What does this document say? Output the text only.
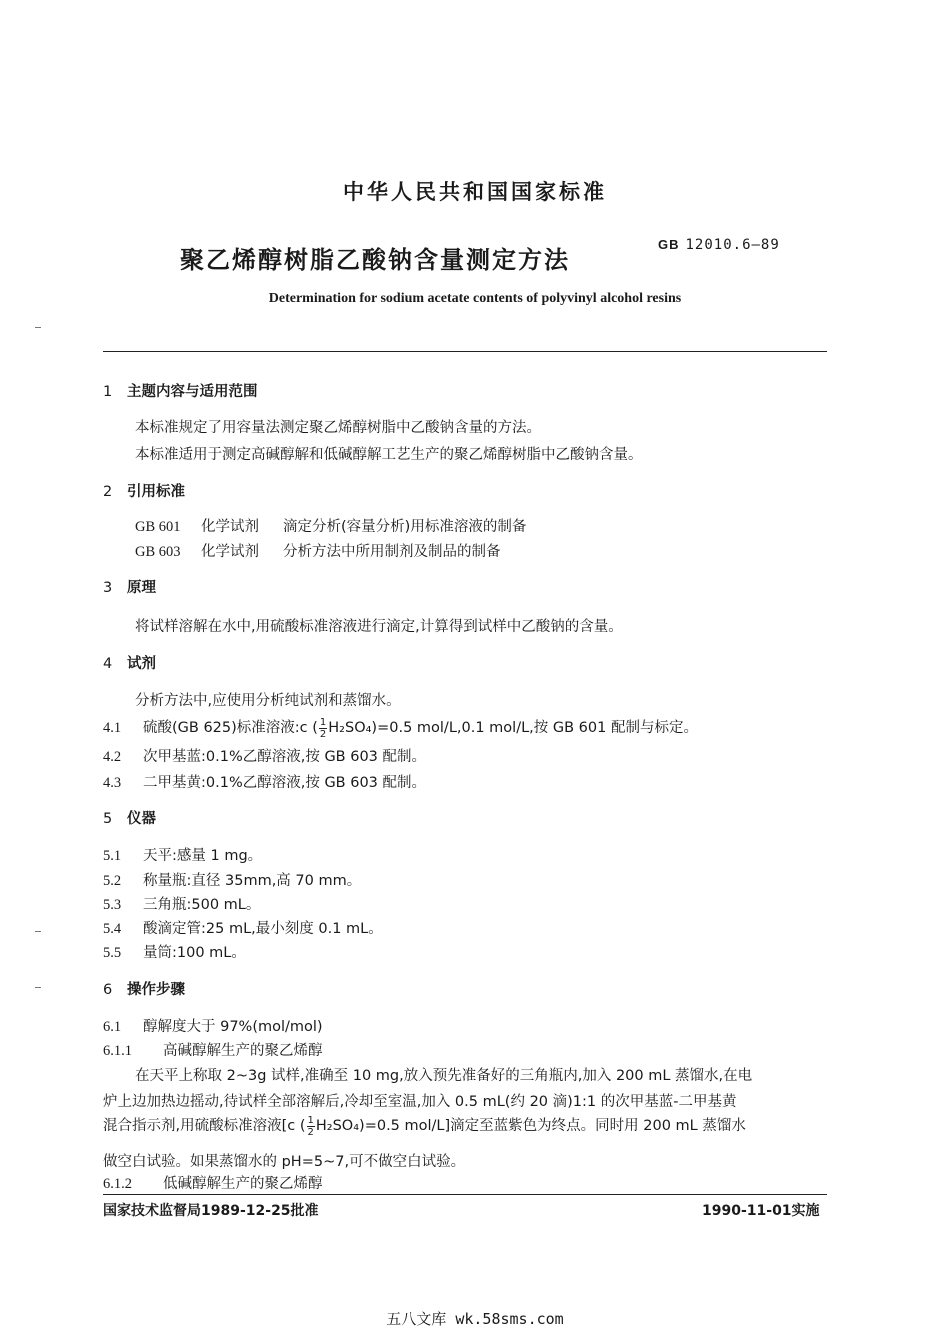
中华人民共和国国家标准
聚乙烯醇树脂乙酸钠含量测定方法
GB 12010.6—89
Determination for sodium acetate contents of polyvinyl alcohol resins
1 主题内容与适用范围
本标准规定了用容量法测定聚乙烯醇树脂中乙酸钠含量的方法。
本标准适用于测定高碱醇解和低碱醇解工艺生产的聚乙烯醇树脂中乙酸钠含量。
2 引用标准
GB 601 化学试剂 滴定分析(容量分析)用标准溶液的制备
GB 603 化学试剂 分析方法中所用制剂及制品的制备
3 原理
将试样溶解在水中,用硫酸标准溶液进行滴定,计算得到试样中乙酸钠的含量。
4 试剂
分析方法中,应使用分析纯试剂和蒸馏水。
4.1 硫酸(GB 625)标准溶液:c ( $\frac{1}{2} H_2SO_4)=0.5$ mol/L,0.1 mol/L,按 GB 601 配制与标定。
4.2 次甲基蓝:0.1%乙醇溶液,按 GB 603 配制。
4.3 二甲基黄:0.1%乙醇溶液,按 GB 603 配制。
5 仪器
5.1 天平:感量 1 mg。
5.2 称量瓶:直径 35mm,高 70 mm。
5.3 三角瓶:500 mL。
5.4 酸滴定管:25 mL,最小刻度 0.1 mL。
5.5 量筒:100 mL。
6 操作步骤
6.1 醇解度大于 97%(mol/mol)
6.1.1 高碱醇解生产的聚乙烯醇
在天平上称取 2~3g 试样,准确至 10 mg,放入预先准备好的三角瓶内,加入 200 mL 蒸馏水,在电
炉上边加热边摇动,待试样全部溶解后,冷却至室温,加入 0.5 mL(约 20 滴)1:1 的次甲基蓝-二甲基黄
混合指示剂,用硫酸标准溶液[c ( $\frac{1}{2} H_2SO_4)=0.5$ mol/L]滴定至蓝紫色为终点。同时用 200 mL 蒸馏水
做空白试验。如果蒸馏水的 pH=5~7,可不做空白试验。
6.1.2 低碱醇解生产的聚乙烯醇
国家技术监督局1989-12-25批准	1990-11-01实施
五八文库 wk.58sms.com
